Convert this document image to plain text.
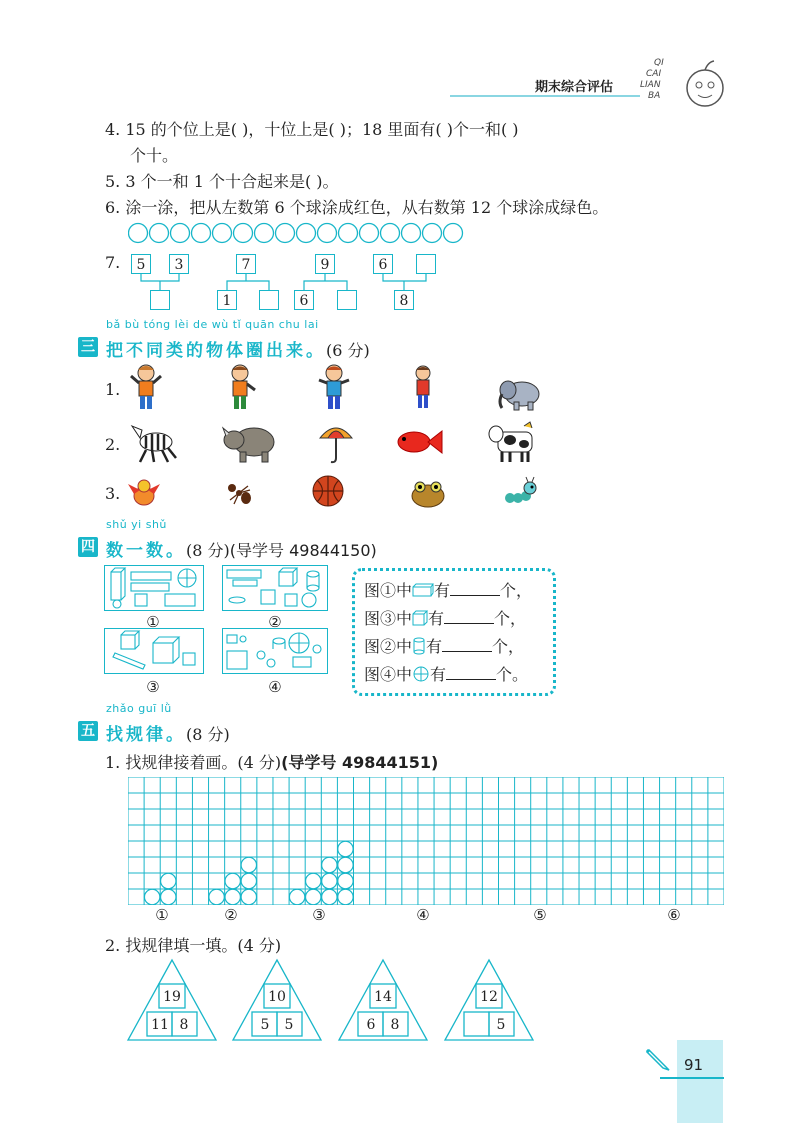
期末综合评估
QI
CAI
LIAN
BA
4. 15 的个位上是( )，十位上是( )；18 里面有( )个一和( )
个十。
5. 3 个一和 1 个十合起来是( )。
6. 涂一涂，把从左数第 6 个球涂成红色，从右数第 12 个球涂成绿色。
7.	5	3	7	9	6
1	6	8
bǎ bù tóng lèi de wù tǐ quān chu lai
三 把不同类的物体圈出来。(6 分)
1.
2.
3.
shǔ yi shǔ
四 数一数。(8 分)(导学号 49844150)
①	②
③	④
图①中 有	个，
图③中 有	个，
图②中 有	个，
图④中 有	个。
zhǎo guī lǜ
五 找规律。(8 分)
1. 找规律接着画。(4 分)(导学号 49844151)
①	②	③	④	⑤	⑥
2. 找规律填一填。(4 分)
19
11 8
10
5	5
14
6	8
12
5
91
